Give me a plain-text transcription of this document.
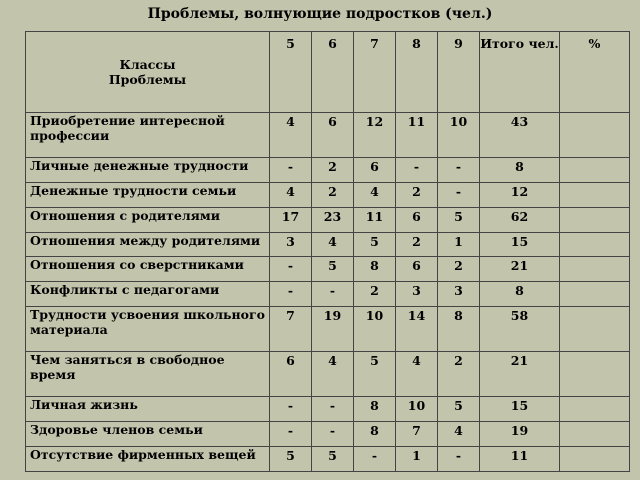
Проблемы, волнующие подростков (чел.)
Классы
Проблемы	5	6	7	8	9	Итого чел.	%
Приобретение интересной профессии	4	6	12	11	10	43	
Личные денежные трудности	-	2	6	-	-	8	
Денежные трудности семьи	4	2	4	2	-	12	
Отношения с родителями	17	23	11	6	5	62	
Отношения между родителями	3	4	5	2	1	15	
Отношения со сверстниками	-	5	8	6	2	21	
Конфликты с педагогами	-	-	2	3	3	8	
Трудности усвоения школьного материала	7	19	10	14	8	58	
Чем заняться в свободное время	6	4	5	4	2	21	
Личная жизнь	-	-	8	10	5	15	
Здоровье членов семьи	-	-	8	7	4	19	
Отсутствие фирменных вещей	5	5	-	1	-	11	
